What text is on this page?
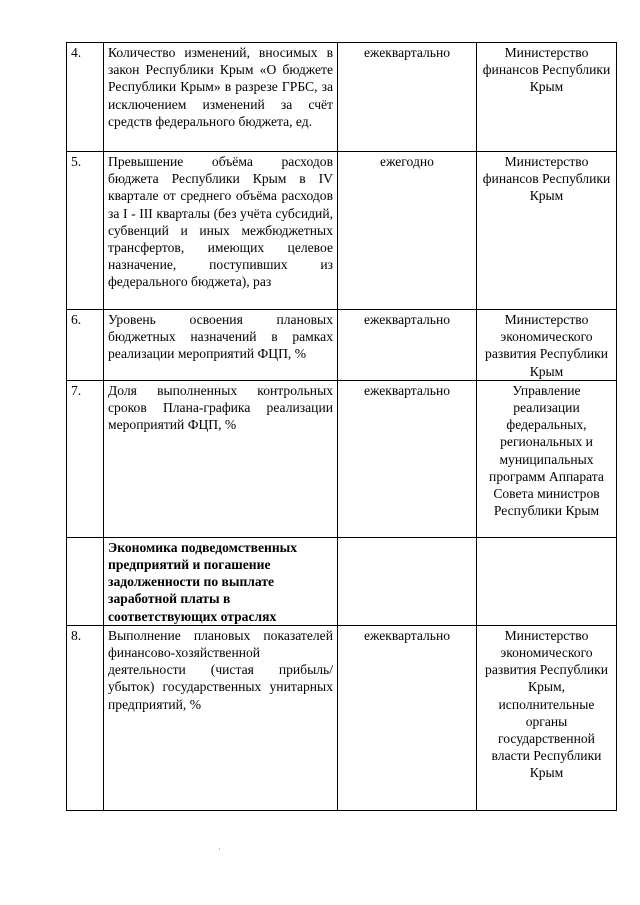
4.	Количество изменений, вносимых в закон Республики Крым «О бюджете Республики Крым» в разрезе ГРБС, за исключением изменений за счёт средств федерального бюджета, ед.	ежеквартально	Министерство финансов Республики Крым
5.	Превышение объёма расходов бюджета Республики Крым в IV квартале от среднего объёма расходов за I - III кварталы (без учёта субсидий, субвенций и иных межбюджетных трансфертов, имеющих целевое назначение, поступивших из федерального бюджета), раз	ежегодно	Министерство финансов Республики Крым
6.	Уровень освоения плановых бюджетных назначений в рамках реализации мероприятий ФЦП, %	ежеквартально	Министерство экономического развития Республики Крым
7.	Доля выполненных контрольных сроков Плана-графика реализации мероприятий ФЦП, %	ежеквартально	Управление реализации федеральных, региональных и муниципальных программ Аппарата Совета министров Республики Крым
	Экономика подведомственных предприятий и погашение задолженности по выплате заработной платы в соответствующих отраслях		
8.	Выполнение плановых показателей финансово-хозяйственной деятельности (чистая прибыль/убыток) государственных унитарных предприятий, %	ежеквартально	Министерство экономического развития Республики Крым, исполнительные органы государственной власти Республики Крым
